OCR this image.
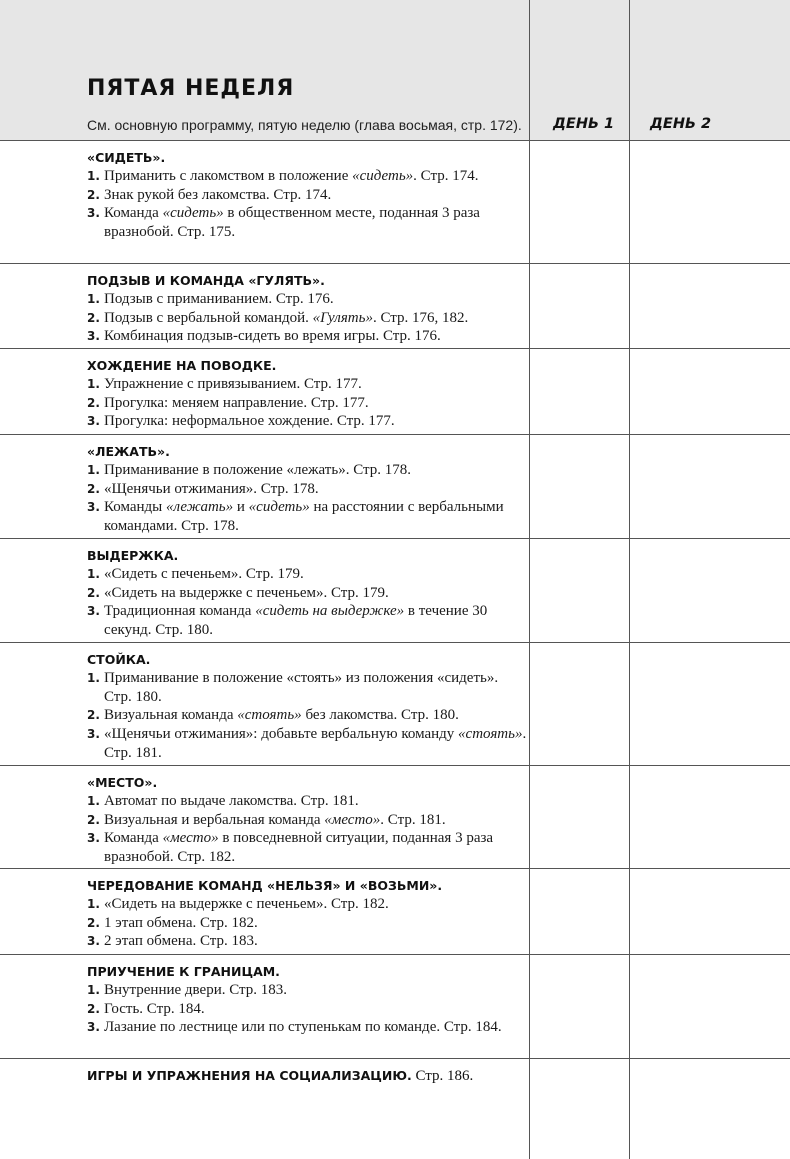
ПЯТАЯ НЕДЕЛЯ
См. основную программу, пятую неделю (глава восьмая, стр. 172). ДЕНЬ 1 ДЕНЬ 2
«СИДЕТЬ».
1. Приманить с лакомством в положение «сидеть». Стр. 174.
2. Знак рукой без лакомства. Стр. 174.
3. Команда «сидеть» в общественном месте, поданная 3 раза вразнобой. Стр. 175.
ПОДЗЫВ И КОМАНДА «ГУЛЯТЬ».
1. Подзыв с приманиванием. Стр. 176.
2. Подзыв с вербальной командой. «Гулять». Стр. 176, 182.
3. Комбинация подзыв-сидеть во время игры. Стр. 176.
ХОЖДЕНИЕ НА ПОВОДКЕ.
1. Упражнение с привязыванием. Стр. 177.
2. Прогулка: меняем направление. Стр. 177.
3. Прогулка: неформальное хождение. Стр. 177.
«ЛЕЖАТЬ».
1. Приманивание в положение «лежать». Стр. 178.
2. «Щенячьи отжимания». Стр. 178.
3. Команды «лежать» и «сидеть» на расстоянии с вербальными командами. Стр. 178.
ВЫДЕРЖКА.
1. «Сидеть с печеньем». Стр. 179.
2. «Сидеть на выдержке с печеньем». Стр. 179.
3. Традиционная команда «сидеть на выдержке» в течение 30 секунд. Стр. 180.
СТОЙКА.
1. Приманивание в положение «стоять» из положения «сидеть». Стр. 180.
2. Визуальная команда «стоять» без лакомства. Стр. 180.
3. «Щенячьи отжимания»: добавьте вербальную команду «стоять». Стр. 181.
«МЕСТО».
1. Автомат по выдаче лакомства. Стр. 181.
2. Визуальная и вербальная команда «место». Стр. 181.
3. Команда «место» в повседневной ситуации, поданная 3 раза вразнобой. Стр. 182.
ЧЕРЕДОВАНИЕ КОМАНД «НЕЛЬЗЯ» И «ВОЗЬМИ».
1. «Сидеть на выдержке с печеньем». Стр. 182.
2. 1 этап обмена. Стр. 182.
3. 2 этап обмена. Стр. 183.
ПРИУЧЕНИЕ К ГРАНИЦАМ.
1. Внутренние двери. Стр. 183.
2. Гость. Стр. 184.
3. Лазание по лестнице или по ступенькам по команде. Стр. 184.
ИГРЫ И УПРАЖНЕНИЯ НА СОЦИАЛИЗАЦИЮ. Стр. 186.
